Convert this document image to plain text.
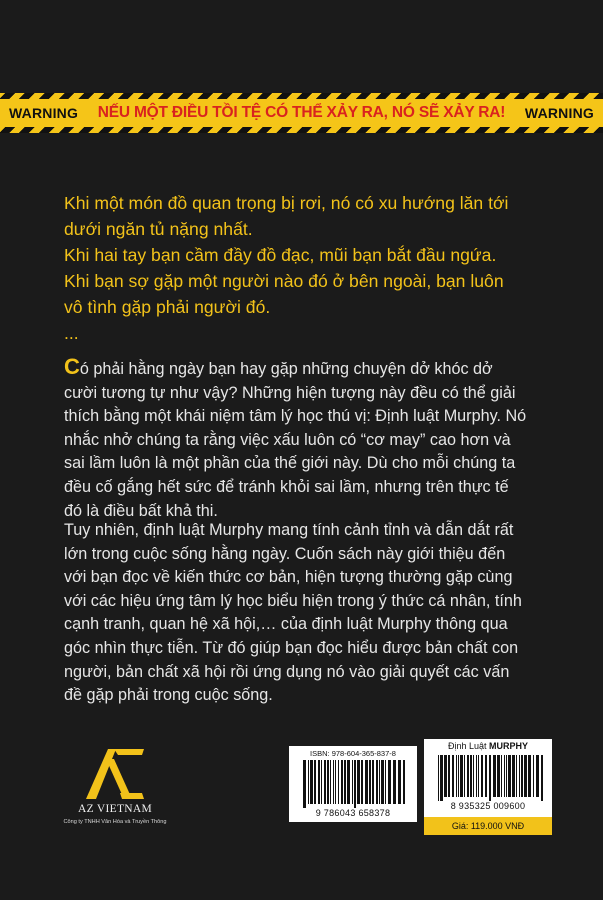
WARNING NẾU MỘT ĐIỀU TỒI TỆ CÓ THỂ XẢY RA, NÓ SẼ XẢY RA! WARNING
Khi một món đồ quan trọng bị rơi, nó có xu hướng lăn tới
dưới ngăn tủ nặng nhất.
Khi hai tay bạn cầm đầy đồ đạc, mũi bạn bắt đầu ngứa.
Khi bạn sợ gặp một người nào đó ở bên ngoài, bạn luôn
vô tình gặp phải người đó.
...
Có phải hằng ngày bạn hay gặp những chuyện dở khóc dở
cười tương tự như vậy? Những hiện tượng này đều có thể giải
thích bằng một khái niệm tâm lý học thú vị: Định luật Murphy. Nó
nhắc nhở chúng ta rằng việc xấu luôn có “cơ may” cao hơn và
sai lầm luôn là một phần của thế giới này. Dù cho mỗi chúng ta
đều cố gắng hết sức để tránh khỏi sai lầm, nhưng trên thực tế
đó là điều bất khả thi.
Tuy nhiên, định luật Murphy mang tính cảnh tỉnh và dẫn dắt rất
lớn trong cuộc sống hằng ngày. Cuốn sách này giới thiệu đến
với bạn đọc về kiến thức cơ bản, hiện tượng thường gặp cùng
với các hiệu ứng tâm lý học biểu hiện trong ý thức cá nhân, tính
cạnh tranh, quan hệ xã hội,… của định luật Murphy thông qua
góc nhìn thực tiễn. Từ đó giúp bạn đọc hiểu được bản chất con
người, bản chất xã hội rồi ứng dụng nó vào giải quyết các vấn
đề gặp phải trong cuộc sống.
AZ VIETNAM
Công ty TNHH Văn Hóa và Truyền Thông
ISBN: 978-604-365-837-8
9 786043 658378
Định Luật MURPHY
8 935325 009600
Giá: 119.000 VNĐ
